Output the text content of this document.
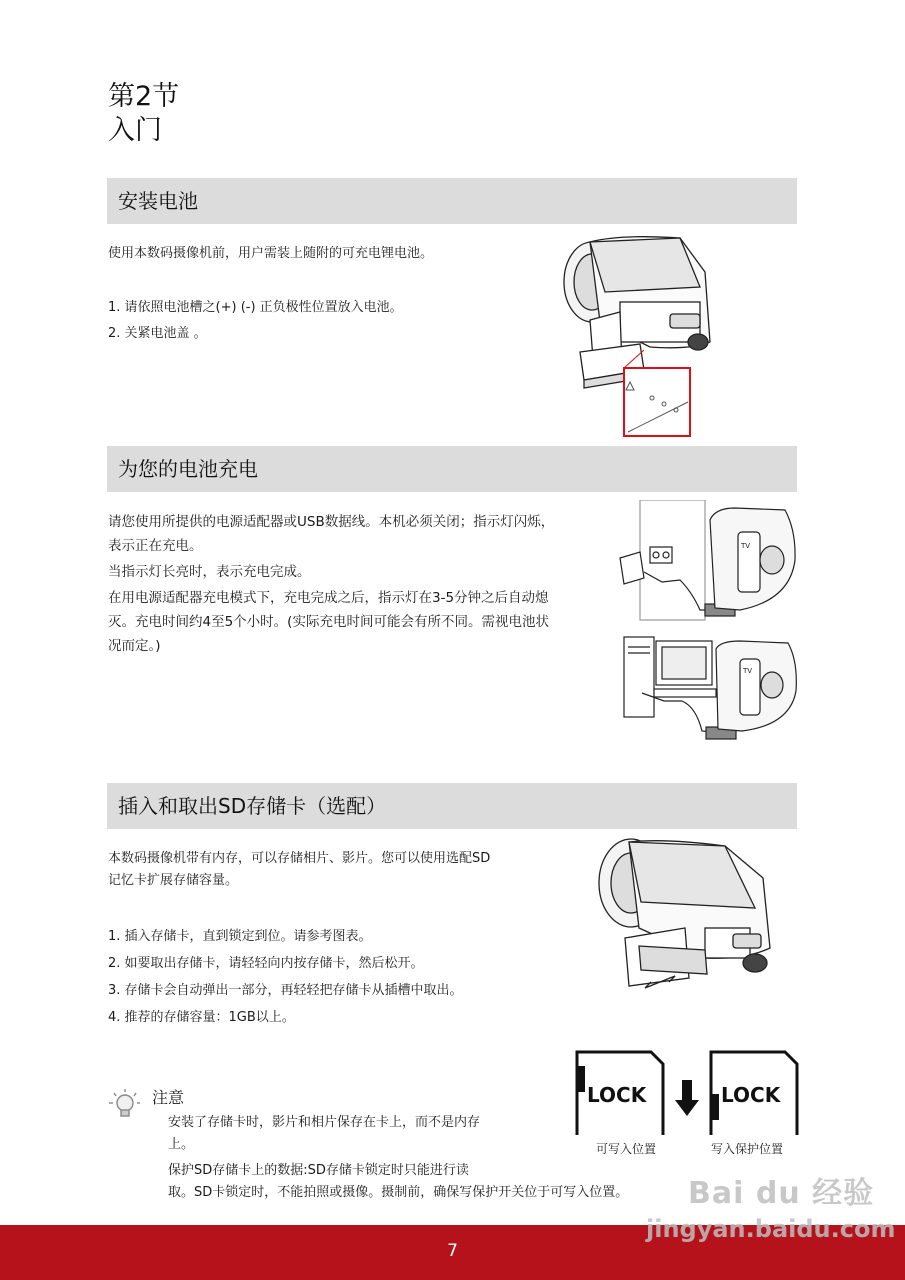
第2节
入门
安装电池
使用本数码摄像机前，用户需装上随附的可充电锂电池。
1. 请依照电池槽之(+) (-) 正负极性位置放入电池。
2. 关紧电池盖 。
为您的电池充电
请您使用所提供的电源适配器或USB数据线。本机必须关闭；指示灯闪烁，
表示正在充电。
当指示灯长亮时，表示充电完成。
在用电源适配器充电模式下，充电完成之后，指示灯在3-5分钟之后自动熄
灭。充电时间约4至5个小时。(实际充电时间可能会有所不同。需视电池状
况而定。)
TV
TV
插入和取出SD存储卡（选配）
本数码摄像机带有内存，可以存储相片、影片。您可以使用选配SD
记忆卡扩展存储容量。
1. 插入存储卡，直到锁定到位。请参考图表。
2. 如要取出存储卡，请轻轻向内按存储卡，然后松开。
3. 存储卡会自动弹出一部分，再轻轻把存储卡从插槽中取出。
4. 推荐的存储容量：1GB以上。
注意
安装了存储卡时，影片和相片保存在卡上，而不是内存
上。
保护SD存储卡上的数据:SD存储卡锁定时只能进行读
取。SD卡锁定时，不能拍照或摄像。摄制前，确保写保护开关位于可写入位置。
LOCK	LOCK
可写入位置	写入保护位置
Bai du 经验
jingyan.baidu.com
7
